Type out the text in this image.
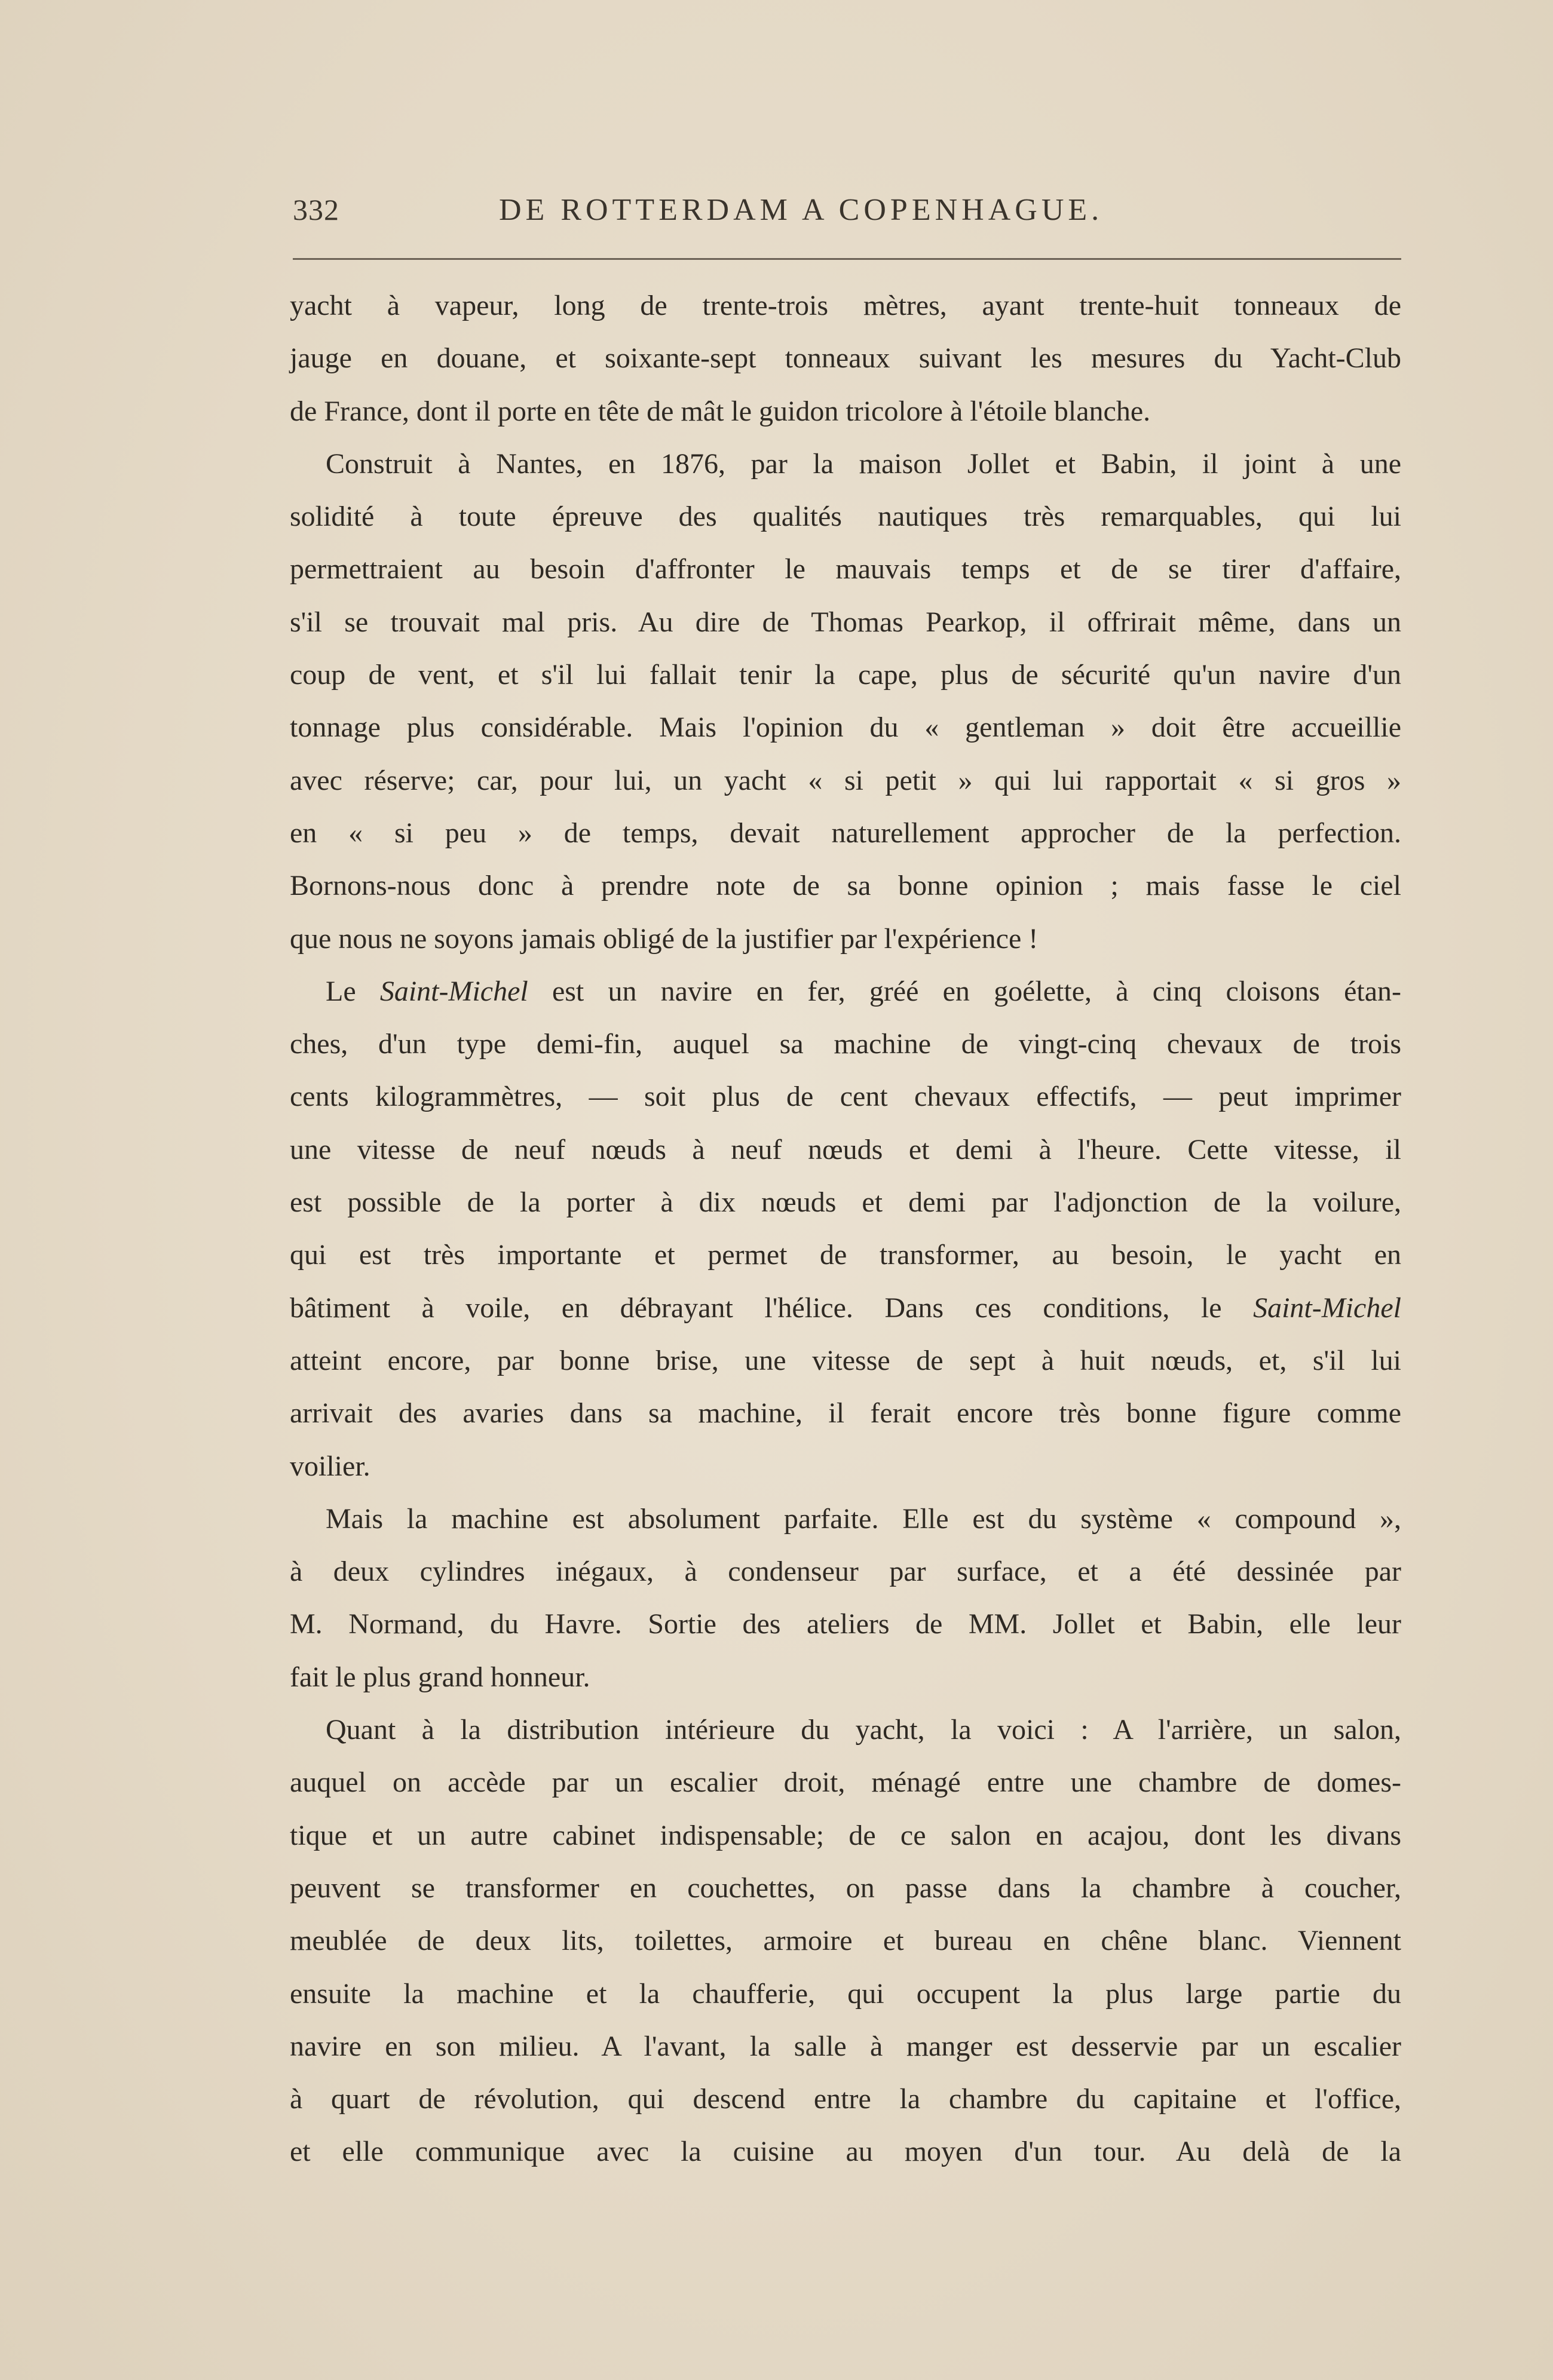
332	DE ROTTERDAM A COPENHAGUE.
yacht à vapeur, long de trente-trois mètres, ayant trente-huit tonneaux de
jauge en douane, et soixante-sept tonneaux suivant les mesures du Yacht-Club
de France, dont il porte en tête de mât le guidon tricolore à l'étoile blanche.
Construit à Nantes, en 1876, par la maison Jollet et Babin, il joint à une
solidité à toute épreuve des qualités nautiques très remarquables, qui lui
permettraient au besoin d'affronter le mauvais temps et de se tirer d'affaire,
s'il se trouvait mal pris. Au dire de Thomas Pearkop, il offrirait même, dans un
coup de vent, et s'il lui fallait tenir la cape, plus de sécurité qu'un navire d'un
tonnage plus considérable. Mais l'opinion du « gentleman » doit être accueillie
avec réserve; car, pour lui, un yacht « si petit » qui lui rapportait « si gros »
en « si peu » de temps, devait naturellement approcher de la perfection.
Bornons-nous donc à prendre note de sa bonne opinion ; mais fasse le ciel
que nous ne soyons jamais obligé de la justifier par l'expérience !
Le Saint-Michel est un navire en fer, gréé en goélette, à cinq cloisons étan-
ches, d'un type demi-fin, auquel sa machine de vingt-cinq chevaux de trois
cents kilogrammètres, — soit plus de cent chevaux effectifs, — peut imprimer
une vitesse de neuf nœuds à neuf nœuds et demi à l'heure. Cette vitesse, il
est possible de la porter à dix nœuds et demi par l'adjonction de la voilure,
qui est très importante et permet de transformer, au besoin, le yacht en
bâtiment à voile, en débrayant l'hélice. Dans ces conditions, le Saint-Michel
atteint encore, par bonne brise, une vitesse de sept à huit nœuds, et, s'il lui
arrivait des avaries dans sa machine, il ferait encore très bonne figure comme
voilier.
Mais la machine est absolument parfaite. Elle est du système « compound »,
à deux cylindres inégaux, à condenseur par surface, et a été dessinée par
M. Normand, du Havre. Sortie des ateliers de MM. Jollet et Babin, elle leur
fait le plus grand honneur.
Quant à la distribution intérieure du yacht, la voici : A l'arrière, un salon,
auquel on accède par un escalier droit, ménagé entre une chambre de domes-
tique et un autre cabinet indispensable; de ce salon en acajou, dont les divans
peuvent se transformer en couchettes, on passe dans la chambre à coucher,
meublée de deux lits, toilettes, armoire et bureau en chêne blanc. Viennent
ensuite la machine et la chaufferie, qui occupent la plus large partie du
navire en son milieu. A l'avant, la salle à manger est desservie par un escalier
à quart de révolution, qui descend entre la chambre du capitaine et l'office,
et elle communique avec la cuisine au moyen d'un tour. Au delà de la
